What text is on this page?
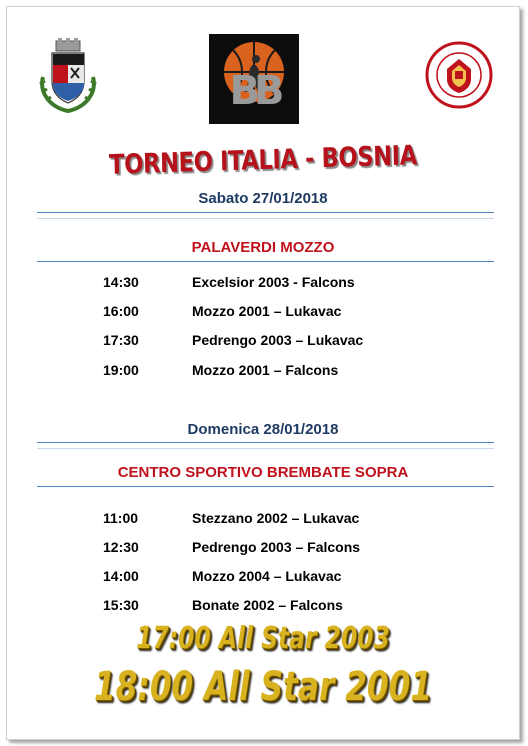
BB
TORNEO ITALIA - BOSNIA
Sabato 27/01/2018
PALAVERDI MOZZO
14:30	Excelsior 2003 - Falcons
16:00	Mozzo 2001 – Lukavac
17:30	Pedrengo 2003 – Lukavac
19:00	Mozzo 2001 – Falcons
Domenica 28/01/2018
CENTRO SPORTIVO BREMBATE SOPRA
11:00	Stezzano 2002 – Lukavac
12:30	Pedrengo 2003 – Falcons
14:00	Mozzo 2004 – Lukavac
15:30	Bonate 2002 – Falcons
17:00 All Star 2003
18:00 All Star 2001
